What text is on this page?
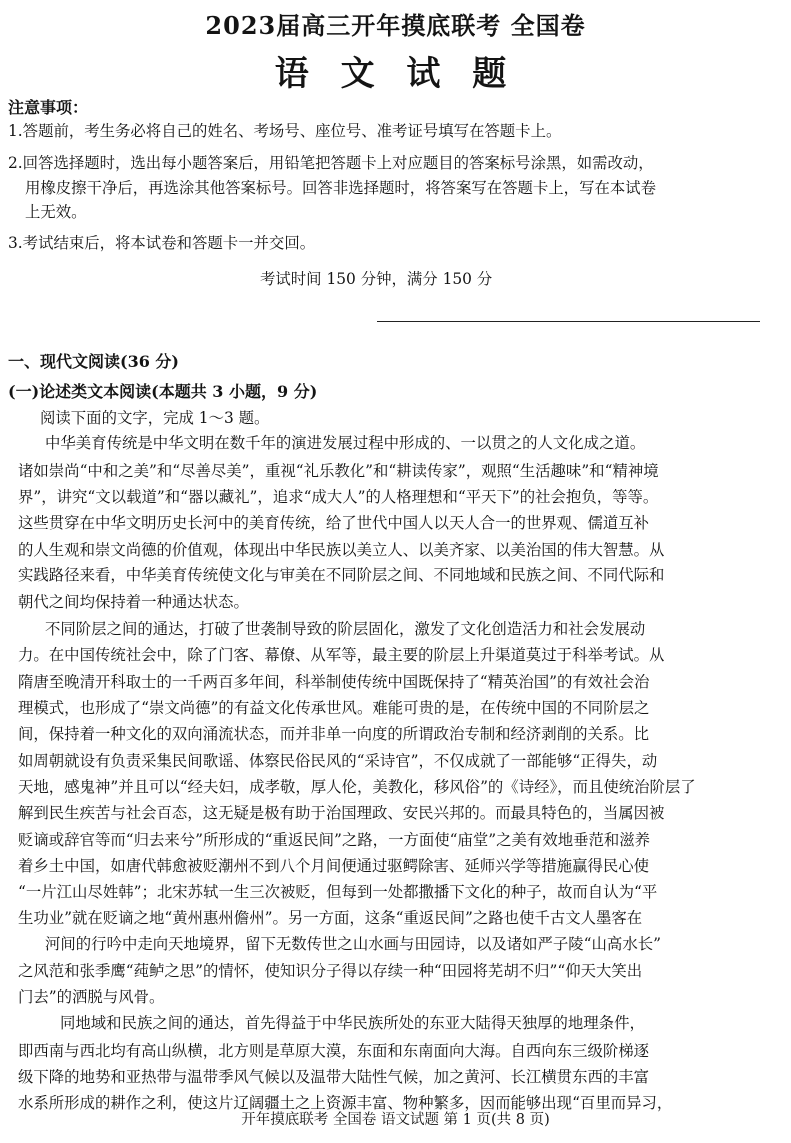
2023届高三开年摸底联考 全国卷
语 文 试 题
注意事项：
1.答题前，考生务必将自己的姓名、考场号、座位号、准考证号填写在答题卡上。
2.回答选择题时，选出每小题答案后，用铅笔把答题卡上对应题目的答案标号涂黑，如需改动，
用橡皮擦干净后，再选涂其他答案标号。回答非选择题时，将答案写在答题卡上，写在本试卷
上无效。
3.考试结束后，将本试卷和答题卡一并交回。
考试时间 150 分钟，满分 150 分
一、现代文阅读(36 分)
(一)论述类文本阅读(本题共 3 小题，9 分)
阅读下面的文字，完成 1～3 题。
中华美育传统是中华文明在数千年的演进发展过程中形成的、一以贯之的人文化成之道。
诸如崇尚“中和之美”和“尽善尽美”，重视“礼乐教化”和“耕读传家”，观照“生活趣味”和“精神境
界”，讲究“文以载道”和“器以藏礼”，追求“成大人”的人格理想和“平天下”的社会抱负，等等。
这些贯穿在中华文明历史长河中的美育传统，给了世代中国人以天人合一的世界观、儒道互补
的人生观和崇文尚德的价值观，体现出中华民族以美立人、以美齐家、以美治国的伟大智慧。从
实践路径来看，中华美育传统使文化与审美在不同阶层之间、不同地域和民族之间、不同代际和
朝代之间均保持着一种通达状态。
不同阶层之间的通达，打破了世袭制导致的阶层固化，激发了文化创造活力和社会发展动
力。在中国传统社会中，除了门客、幕僚、从军等，最主要的阶层上升渠道莫过于科举考试。从
隋唐至晚清开科取士的一千两百多年间，科举制使传统中国既保持了“精英治国”的有效社会治
理模式，也形成了“崇文尚德”的有益文化传承世风。难能可贵的是，在传统中国的不同阶层之
间，保持着一种文化的双向涌流状态，而并非单一向度的所谓政治专制和经济剥削的关系。比
如周朝就设有负责采集民间歌谣、体察民俗民风的“采诗官”，不仅成就了一部能够“正得失，动
天地，感鬼神”并且可以“经夫妇，成孝敬，厚人伦，美教化，移风俗”的《诗经》，而且使统治阶层了
解到民生疾苦与社会百态，这无疑是极有助于治国理政、安民兴邦的。而最具特色的，当属因被
贬谪或辞官等而“归去来兮”所形成的“重返民间”之路，一方面使“庙堂”之美有效地垂范和滋养
着乡土中国，如唐代韩愈被贬潮州不到八个月间便通过驱鳄除害、延师兴学等措施赢得民心使
“一片江山尽姓韩”；北宋苏轼一生三次被贬，但每到一处都撒播下文化的种子，故而自认为“平
生功业”就在贬谪之地“黄州惠州儋州”。另一方面，这条“重返民间”之路也使千古文人墨客在
河间的行吟中走向天地境界，留下无数传世之山水画与田园诗，以及诸如严子陵“山高水长”
之风范和张季鹰“莼鲈之思”的情怀，使知识分子得以存续一种“田园将芜胡不归”“仰天大笑出
门去”的洒脱与风骨。
同地域和民族之间的通达，首先得益于中华民族所处的东亚大陆得天独厚的地理条件，
即西南与西北均有高山纵横，北方则是草原大漠，东面和东南面向大海。自西向东三级阶梯逐
级下降的地势和亚热带与温带季风气候以及温带大陆性气候，加之黄河、长江横贯东西的丰富
水系所形成的耕作之利，使这片辽阔疆土之上资源丰富、物种繁多，因而能够出现“百里而异习，
开年摸底联考 全国卷 语文试题 第 1 页(共 8 页)
